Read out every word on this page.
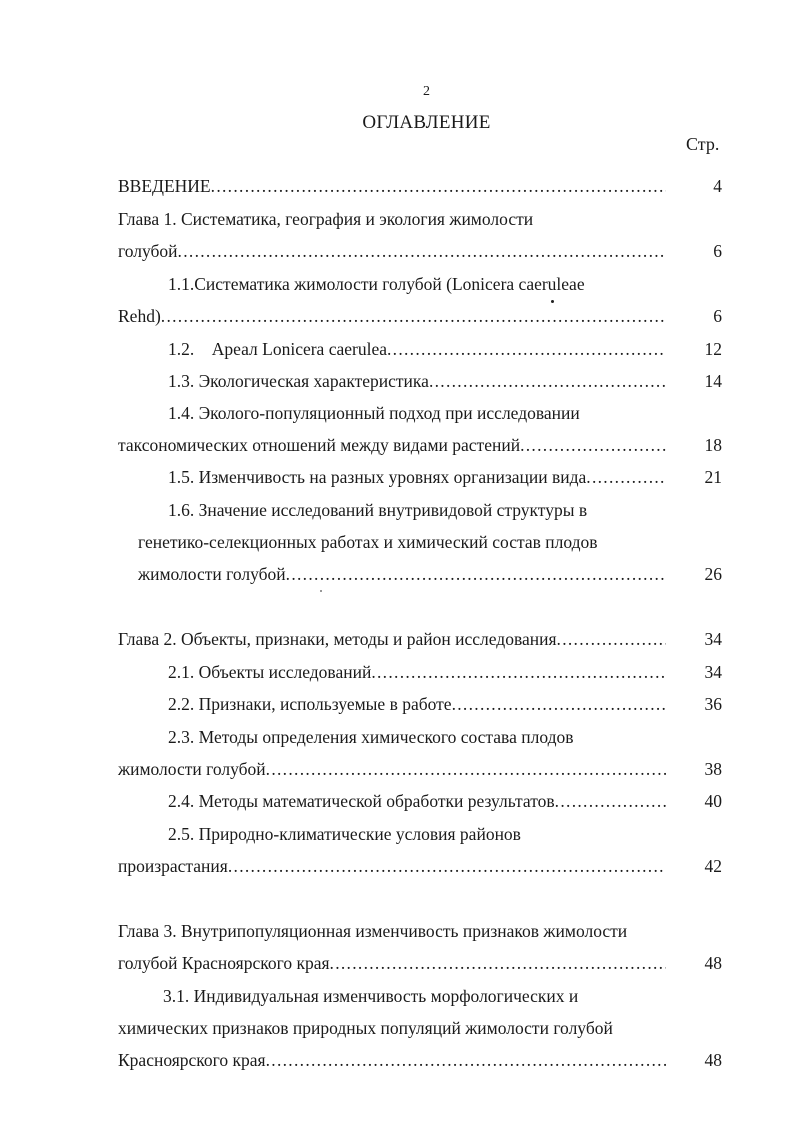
2
ОГЛАВЛЕНИЕ
Стр.
ВВЕДЕНИЕ .....	4
Глава 1. Систематика, география и экология жимолости
голубой .....	6
1.1.Систематика жимолости голубой (Lonicera caeruleae
Rehd) .....	6
1.2.    Ареал Lonicera caerulea .....	12
1.3. Экологическая характеристика .....	14
1.4. Эколого-популяционный подход при исследовании
таксономических отношений между видами растений .....	18
1.5. Изменчивость на разных уровнях организации вида .....	21
1.6. Значение исследований внутривидовой структуры в
генетико-селекционных работах и химический состав плодов
жимолости голубой .....	26
Глава 2. Объекты, признаки, методы и район исследования .....	34
2.1. Объекты исследований .....	34
2.2. Признаки, используемые в работе .....	36
2.3. Методы определения химического состава плодов
жимолости голубой .....	38
2.4. Методы математической обработки результатов .....	40
2.5. Природно-климатические условия районов
произрастания .....	42
Глава 3. Внутрипопуляционная изменчивость признаков жимолости
голубой Красноярского края .....	48
3.1. Индивидуальная изменчивость морфологических и
химических признаков природных популяций жимолости голубой
Красноярского края .....	48
